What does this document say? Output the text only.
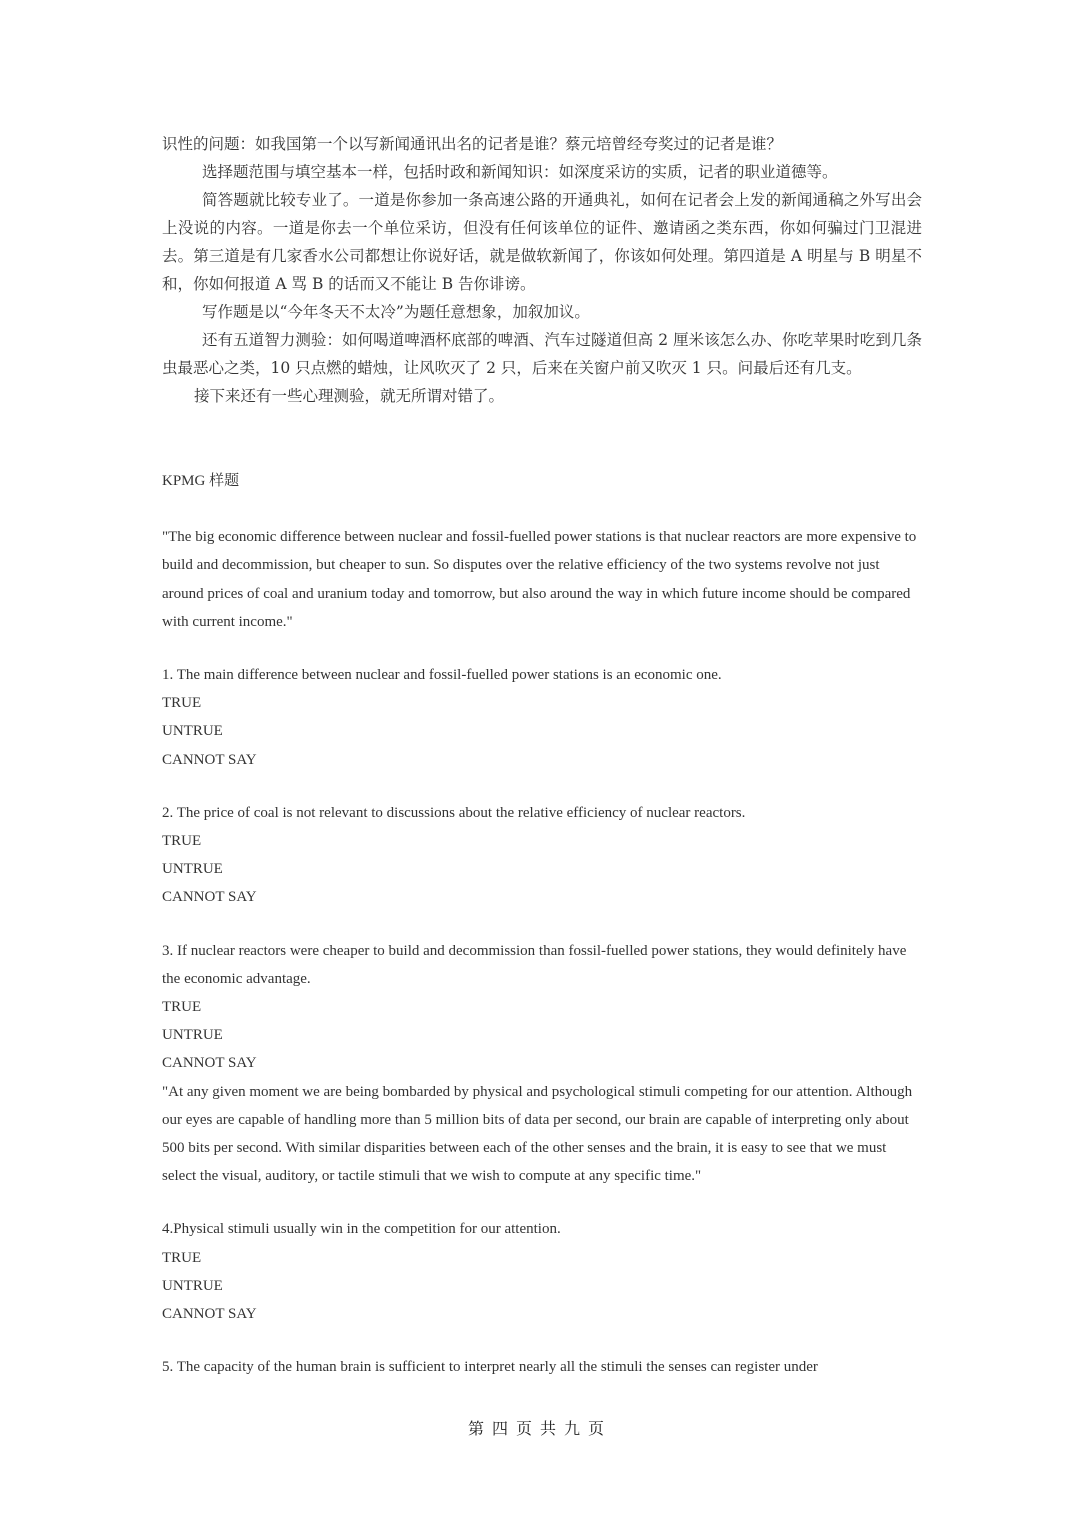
识性的问题：如我国第一个以写新闻通讯出名的记者是谁？蔡元培曾经夸奖过的记者是谁？

选择题范围与填空基本一样，包括时政和新闻知识：如深度采访的实质，记者的职业道德等。

简答题就比较专业了。一道是你参加一条高速公路的开通典礼，如何在记者会上发的新闻通稿之外写出会上没说的内容。一道是你去一个单位采访，但没有任何该单位的证件、邀请函之类东西，你如何骗过门卫混进去。第三道是有几家香水公司都想让你说好话，就是做软新闻了，你该如何处理。第四道是 A 明星与 B 明星不和，你如何报道 A 骂 B 的话而又不能让 B 告你诽谤。

写作题是以“今年冬天不太冷”为题任意想象，加叙加议。

还有五道智力测验：如何喝道啤酒杯底部的啤酒、汽车过隧道但高 2 厘米该怎么办、你吃苹果时吃到几条虫最恶心之类，10 只点燃的蜡烛，让风吹灭了 2 只，后来在关窗户前又吹灭 1 只。问最后还有几支。

接下来还有一些心理测验，就无所谓对错了。

KPMG 样题

"The big economic difference between nuclear and fossil-fuelled power stations is that nuclear reactors are more expensive to build and decommission, but cheaper to sun. So disputes over the relative efficiency of the two systems revolve not just around prices of coal and uranium today and tomorrow, but also around the way in which future income should be compared with current income."

1. The main difference between nuclear and fossil-fuelled power stations is an economic one.

TRUE

UNTRUE

CANNOT SAY

2. The price of coal is not relevant to discussions about the relative efficiency of nuclear reactors.

TRUE

UNTRUE

CANNOT SAY

3. If nuclear reactors were cheaper to build and decommission than fossil-fuelled power stations, they would definitely have the economic advantage.

TRUE

UNTRUE

CANNOT SAY

"At any given moment we are being bombarded by physical and psychological stimuli competing for our attention. Although our eyes are capable of handling more than 5 million bits of data per second, our brain are capable of interpreting only about 500 bits per second. With similar disparities between each of the other senses and the brain, it is easy to see that we must select the visual, auditory, or tactile stimuli that we wish to compute at any specific time."

4.Physical stimuli usually win in the competition for our attention.

TRUE

UNTRUE

CANNOT SAY

5. The capacity of the human brain is sufficient to interpret nearly all the stimuli the senses can register under

第四页共九页
